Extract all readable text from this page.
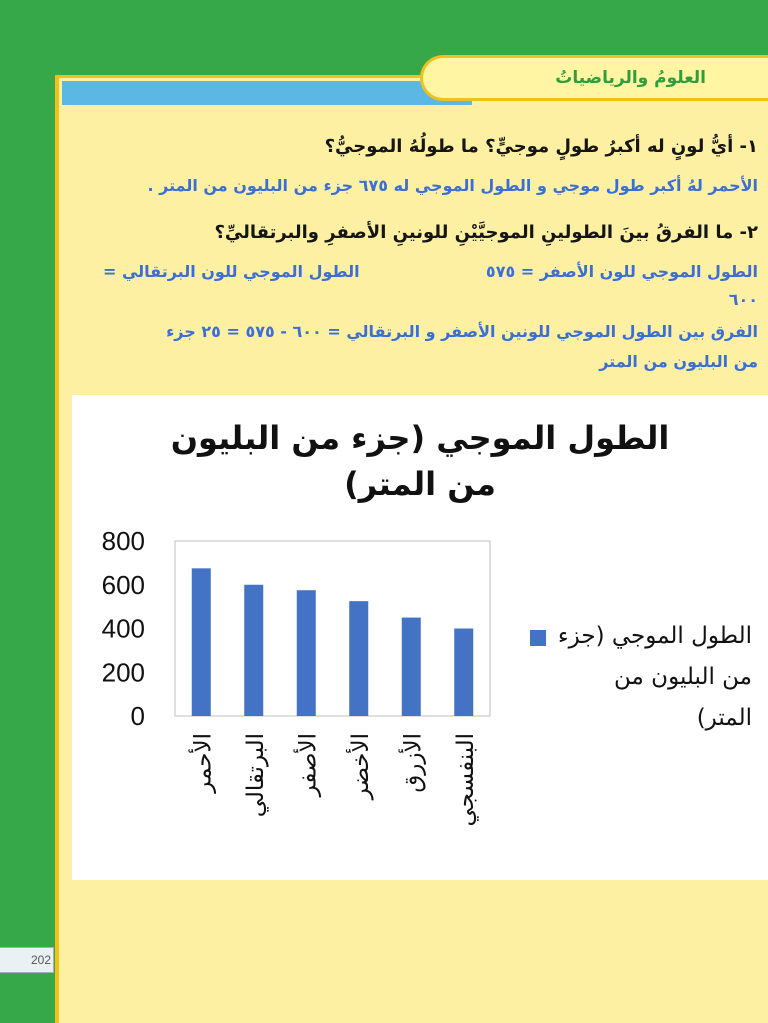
202
العلومُ والرياضياتُ
١- أيُّ لونٍ له أكبرُ طولٍ موجيٍّ؟ ما طولُهُ الموجيُّ؟
الأحمر لهُ أكبر طول موجي و الطول الموجي له ٦٧٥ جزء من البليون من المتر .
٢- ما الفرقُ بينَ الطولينِ الموجيَّيْنِ للونينِ الأصفرِ والبرتقاليِّ؟
الطول الموجي للون الأصفر = ٥٧٥
الطول الموجي للون البرتقالي =
٦٠٠
الفرق بين الطول الموجي للونين الأصفر و البرتقالي = ٦٠٠ - ٥٧٥ = ٢٥ جزء
من البليون من المتر
0
200
400
600
800
الأحمر البرتقالي الأصفر الأخضر الأزرق البنفسجي
الطول الموجي (جزء من البليون من المتر)
الطول الموجي (جزء من البليون من المتر)
